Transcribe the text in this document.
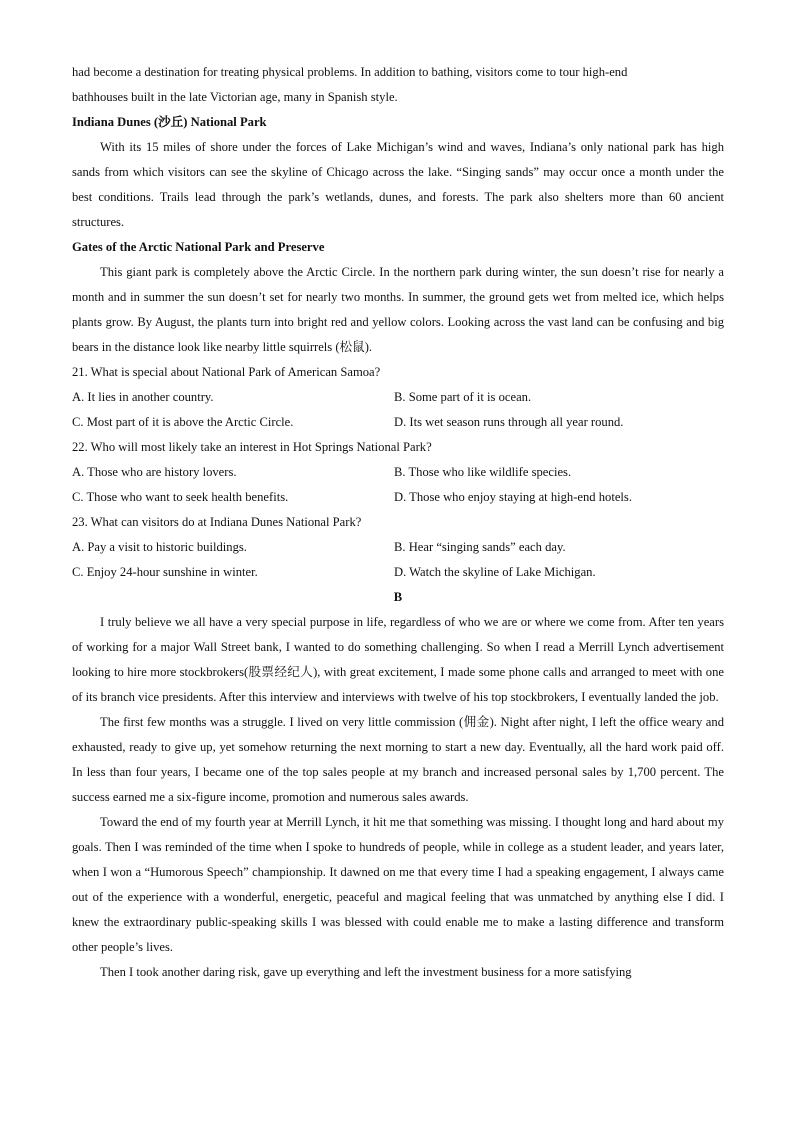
had become a destination for treating physical problems. In addition to bathing, visitors come to tour high-end
bathhouses built in the late Victorian age, many in Spanish style.
Indiana Dunes (沙丘) National Park
With its 15 miles of shore under the forces of Lake Michigan’s wind and waves, Indiana’s only national park has high sands from which visitors can see the skyline of Chicago across the lake. “Singing sands” may occur once a month under the best conditions. Trails lead through the park’s wetlands, dunes, and forests. The park also shelters more than 60 ancient structures.
Gates of the Arctic National Park and Preserve
This giant park is completely above the Arctic Circle. In the northern park during winter, the sun doesn’t rise for nearly a month and in summer the sun doesn’t set for nearly two months. In summer, the ground gets wet from melted ice, which helps plants grow. By August, the plants turn into bright red and yellow colors. Looking across the vast land can be confusing and big bears in the distance look like nearby little squirrels (松鼠).
21. What is special about National Park of American Samoa?
A. It lies in another country.	B. Some part of it is ocean.
C. Most part of it is above the Arctic Circle.	D. Its wet season runs through all year round.
22. Who will most likely take an interest in Hot Springs National Park?
A. Those who are history lovers.	B. Those who like wildlife species.
C. Those who want to seek health benefits.	D. Those who enjoy staying at high-end hotels.
23. What can visitors do at Indiana Dunes National Park?
A. Pay a visit to historic buildings.	B. Hear “singing sands” each day.
C. Enjoy 24-hour sunshine in winter.	D. Watch the skyline of Lake Michigan.
B
I truly believe we all have a very special purpose in life, regardless of who we are or where we come from. After ten years of working for a major Wall Street bank, I wanted to do something challenging. So when I read a Merrill Lynch advertisement looking to hire more stockbrokers(股票经纪人), with great excitement, I made some phone calls and arranged to meet with one of its branch vice presidents. After this interview and interviews with twelve of his top stockbrokers, I eventually landed the job.
The first few months was a struggle. I lived on very little commission (佣金). Night after night, I left the office weary and exhausted, ready to give up, yet somehow returning the next morning to start a new day. Eventually, all the hard work paid off. In less than four years, I became one of the top sales people at my branch and increased personal sales by 1,700 percent. The success earned me a six-figure income, promotion and numerous sales awards.
Toward the end of my fourth year at Merrill Lynch, it hit me that something was missing. I thought long and hard about my goals. Then I was reminded of the time when I spoke to hundreds of people, while in college as a student leader, and years later, when I won a “Humorous Speech” championship. It dawned on me that every time I had a speaking engagement, I always came out of the experience with a wonderful, energetic, peaceful and magical feeling that was unmatched by anything else I did. I knew the extraordinary public-speaking skills I was blessed with could enable me to make a lasting difference and transform other people’s lives.
Then I took another daring risk, gave up everything and left the investment business for a more satisfying
